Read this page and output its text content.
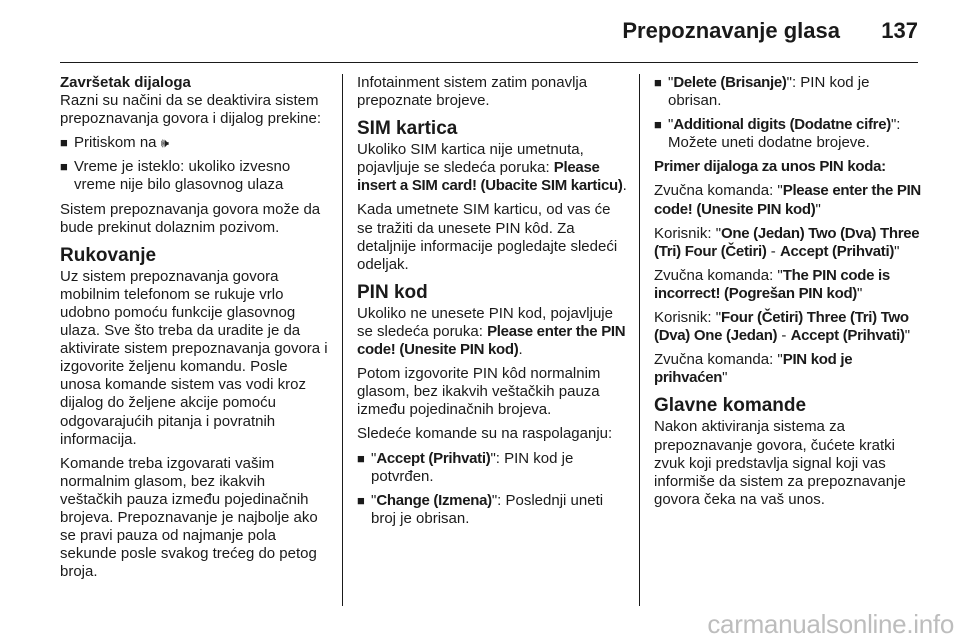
Prepoznavanje glasa 137
Završetak dijaloga

Razni su načini da se deaktivira sistem prepoznavanja govora i dijalog prekine:

■ Pritiskom na 🕪
■ Vreme je isteklo: ukoliko izvesno vreme nije bilo glasovnog ulaza

Sistem prepoznavanja govora može da bude prekinut dolaznim pozivom.

Rukovanje

Uz sistem prepoznavanja govora mobilnim telefonom se rukuje vrlo udobno pomoću funkcije glasovnog ulaza. Sve što treba da uradite je da aktivirate sistem prepoznavanja govora i izgovorite željenu komandu. Posle unosa komande sistem vas vodi kroz dijalog do željene akcije pomoću odgovarajućih pitanja i povratnih informacija.

Komande treba izgovarati vašim normalnim glasom, bez ikakvih veštačkih pauza između pojedinačnih brojeva. Prepoznavanje je najbolje ako se pravi pauza od najmanje pola sekunde posle svakog trećeg do petog broja.

Infotainment sistem zatim ponavlja prepoznate brojeve.

SIM kartica

Ukoliko SIM kartica nije umetnuta, pojavljuje se sledeća poruka: Please insert a SIM card! (Ubacite SIM karticu).

Kada umetnete SIM karticu, od vas će se tražiti da unesete PIN kôd. Za detaljnije informacije pogledajte sledeći odeljak.

PIN kod

Ukoliko ne unesete PIN kod, pojavljuje se sledeća poruka: Please enter the PIN code! (Unesite PIN kod).

Potom izgovorite PIN kôd normalnim glasom, bez ikakvih veštačkih pauza između pojedinačnih brojeva.

Sledeće komande su na raspolaganju:

■ "Accept (Prihvati)": PIN kod je potvrđen.
■ "Change (Izmena)": Poslednji uneti broj je obrisan.
■ "Delete (Brisanje)": PIN kod je obrisan.
■ "Additional digits (Dodatne cifre)": Možete uneti dodatne brojeve.

Primer dijaloga za unos PIN koda:

Zvučna komanda: "Please enter the PIN code! (Unesite PIN kod)"

Korisnik: "One (Jedan) Two (Dva) Three (Tri) Four (Četiri) - Accept (Prihvati)"

Zvučna komanda: "The PIN code is incorrect! (Pogrešan PIN kod)"

Korisnik: "Four (Četiri) Three (Tri) Two (Dva) One (Jedan) - Accept (Prihvati)"

Zvučna komanda: "PIN kod je prihvaćen"

Glavne komande

Nakon aktiviranja sistema za prepoznavanje govora, čućete kratki zvuk koji predstavlja signal koji vas informiše da sistem za prepoznavanje govora čeka na vaš unos.

carmanualsonline.info
